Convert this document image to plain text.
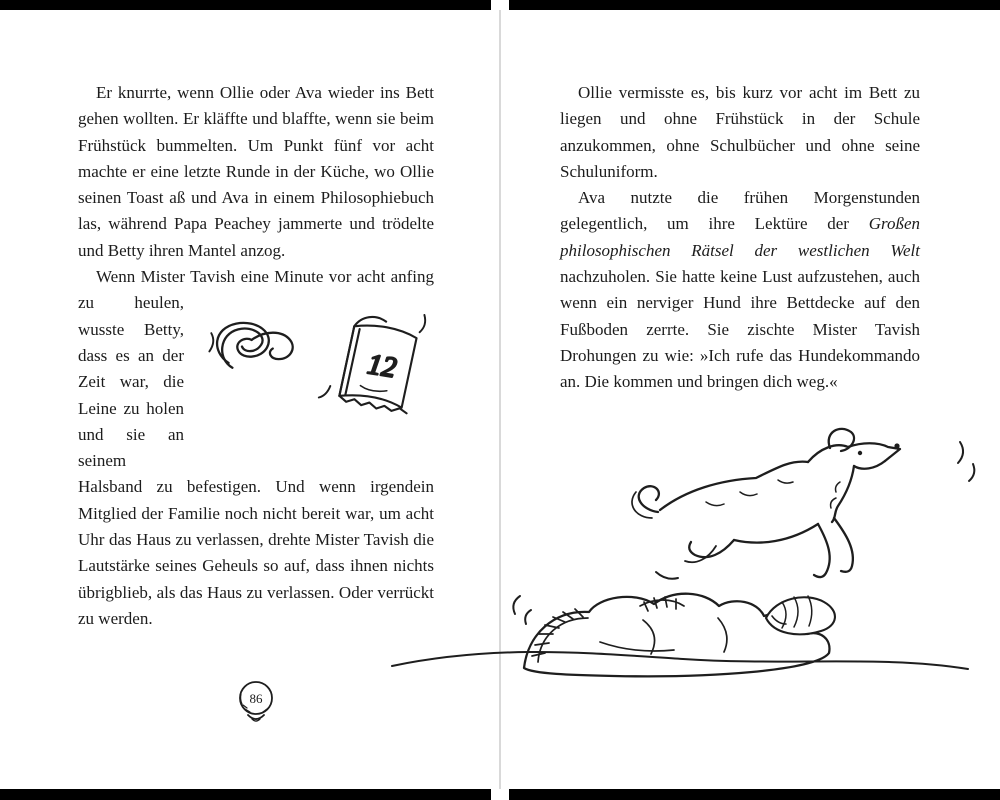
Er knurrte, wenn Ollie oder Ava wieder ins Bett gehen wollten. Er kläffte und blaffte, wenn sie beim Frühstück bummelten. Um Punkt fünf vor acht machte er eine letzte Runde in der Küche, wo Ollie seinen Toast aß und Ava in einem Philosophiebuch las, während Papa Peachey jammerte und trödelte und Betty ihren Mantel anzog.

Wenn Mister Tavish eine Minute vor acht anfing zu heulen,
12
wusste Betty, dass es an der Zeit war, die Leine zu holen und sie an seinem Halsband zu befestigen. Und wenn irgendein Mitglied der Familie noch nicht bereit war, um acht Uhr das Haus zu verlassen, drehte Mister Tavish die Lautstärke seines Geheuls so auf, dass ihnen nichts übrigblieb, als das Haus zu verlassen. Oder verrückt zu werden.

86

Ollie vermisste es, bis kurz vor acht im Bett zu liegen und ohne Frühstück in der Schule anzukommen, ohne Schulbücher und ohne seine Schuluniform.

Ava nutzte die frühen Morgenstunden gelegentlich, um ihre Lektüre der Großen philosophischen Rätsel der westlichen Welt nachzuholen. Sie hatte keine Lust aufzustehen, auch wenn ein nerviger Hund ihre Bettdecke auf den Fußboden zerrte. Sie zischte Mister Tavish Drohungen zu wie: »Ich rufe das Hundekommando an. Die kommen und bringen dich weg.«
